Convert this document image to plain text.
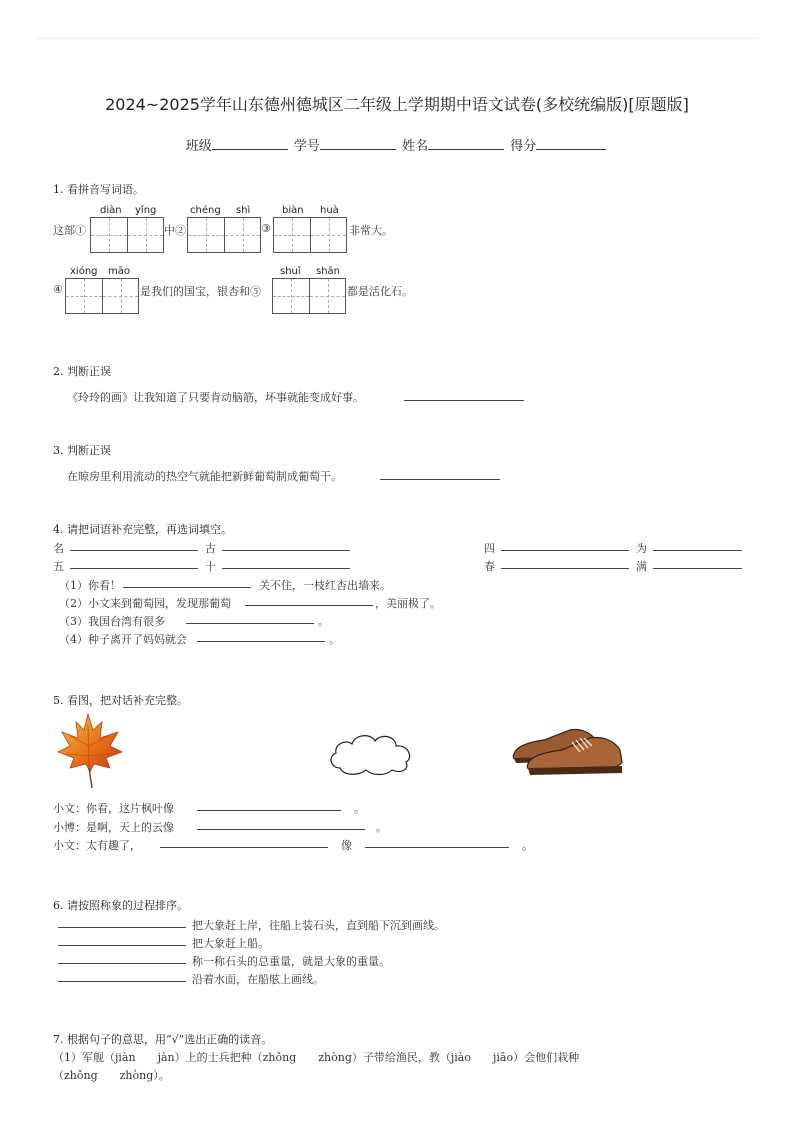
2024~2025学年山东德州德城区二年级上学期期中语文试卷(多校统编版)[原题版]
班级	学号	姓名	得分
1. 看拼音写词语。
diàn yǐng	chéng shì	biàn huà
这部①	中②	③	非常大。
xióng māo	shuǐ shān
④	是我们的国宝，银杏和⑤	都是活化石。
2. 判断正误
《玲玲的画》让我知道了只要肯动脑筋，坏事就能变成好事。
3. 判断正误
在晾房里利用流动的热空气就能把新鲜葡萄制成葡萄干。
4. 请把词语补充完整，再选词填空。
名	古	四	为
五	十	春	满
（1）你看！	关不住，一枝红杏出墙来。
（2）小文来到葡萄园，发现那葡萄	，美丽极了。
（3）我国台湾有很多	。
（4）种子离开了妈妈就会	。
5. 看图，把对话补充完整。
小文：你看，这片枫叶像	。
小博：是啊，天上的云像	。
小文：太有趣了，	像	。
6. 请按照称象的过程排序。
把大象赶上岸，往船上装石头，直到船下沉到画线。
把大象赶上船。
称一称石头的总重量，就是大象的重量。
沿着水面，在船舷上画线。
7. 根据句子的意思，用“√”选出正确的读音。
（1）军舰（jiàn　　jàn）上的士兵把种（zhǒng　　zhòng）子带给渔民，教（jiào　　jiāo）会他们栽种
（zhǒng　　zhòng）。
